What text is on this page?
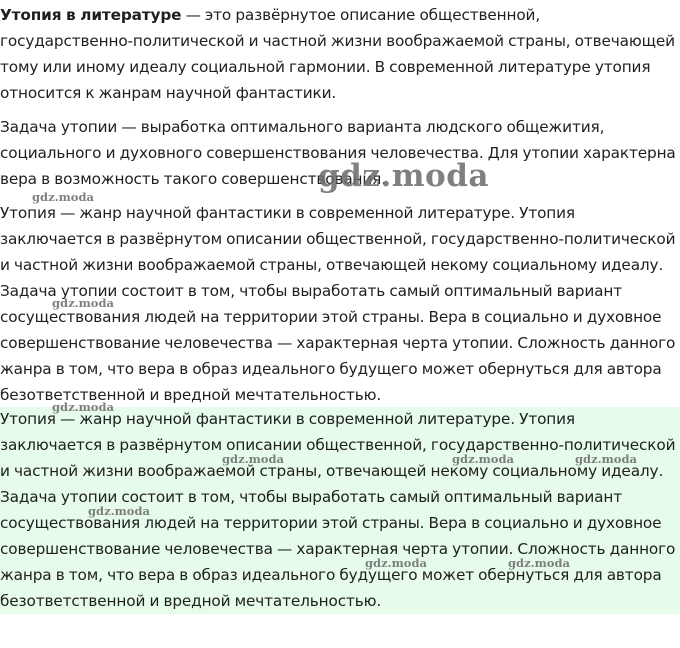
Утопия в литературе — это развёрнутое описание общественной, государственно-политической и частной жизни воображаемой страны, отвечающей тому или иному идеалу социальной гармонии. В современной литературе утопия относится к жанрам научной фантастики.

Задача утопии — выработка оптимального варианта людского общежития, социального и духовного совершенствования человечества. Для утопии характерна вера в возможность такого совершенствования.

Утопия — жанр научной фантастики в современной литературе. Утопия заключается в развёрнутом описании общественной, государственно-политической и частной жизни воображаемой страны, отвечающей некому социальному идеалу. Задача утопии состоит в том, чтобы выработать самый оптимальный вариант сосуществования людей на территории этой страны. Вера в социально и духовное совершенствование человечества — характерная черта утопии. Сложность данного жанра в том, что вера в образ идеального будущего может обернуться для автора безответственной и вредной мечтательностью.

Утопия — жанр научной фантастики в современной литературе. Утопия заключается в развёрнутом описании общественной, государственно-политической и частной жизни воображаемой страны, отвечающей некому социальному идеалу. Задача утопии состоит в том, чтобы выработать самый оптимальный вариант сосуществования людей на территории этой страны. Вера в социально и духовное совершенствование человечества — характерная черта утопии. Сложность данного жанра в том, что вера в образ идеального будущего может обернуться для автора безответственной и вредной мечтательностью.

gdz.moda
gdz.moda
gdz.moda
gdz.moda
gdz.moda	gdz.moda	gdz.moda
gdz.moda
gdz.moda	gdz.moda
